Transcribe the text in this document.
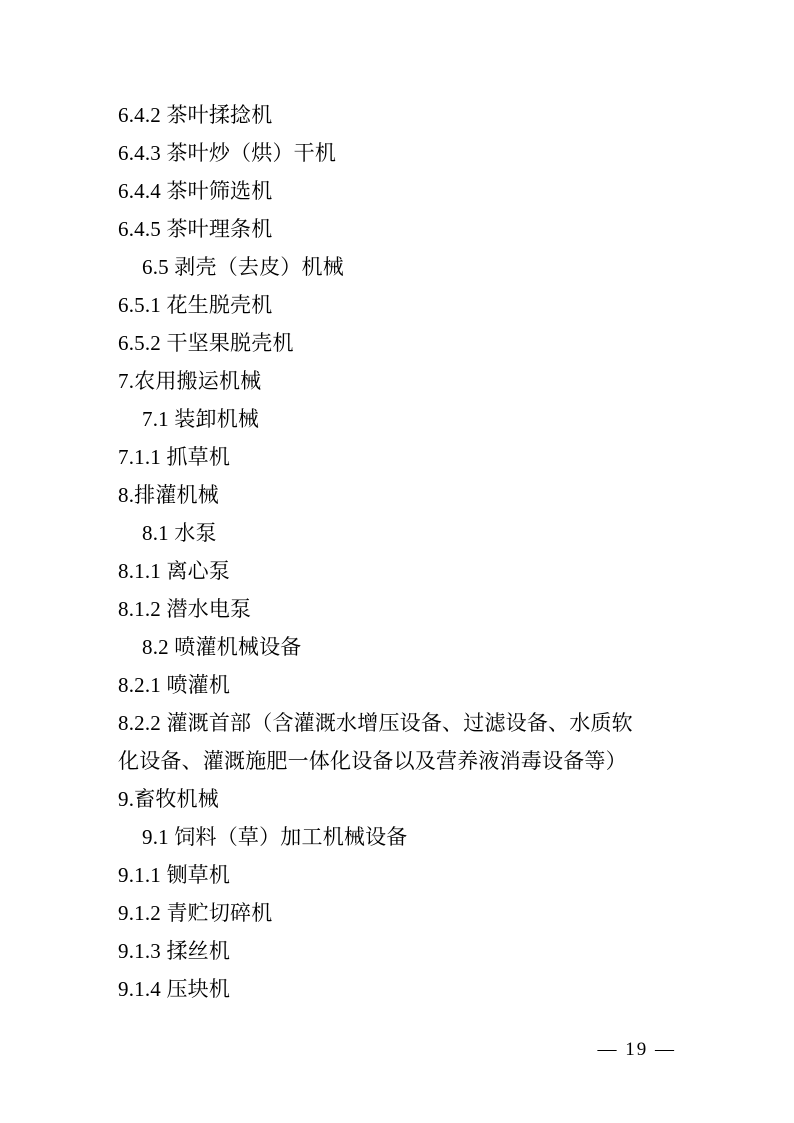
6.4.2 茶叶揉捻机
6.4.3 茶叶炒（烘）干机
6.4.4 茶叶筛选机
6.4.5 茶叶理条机
6.5 剥壳（去皮）机械
6.5.1 花生脱壳机
6.5.2 干坚果脱壳机
7.农用搬运机械
7.1 装卸机械
7.1.1 抓草机
8.排灌机械
8.1 水泵
8.1.1 离心泵
8.1.2 潜水电泵
8.2 喷灌机械设备
8.2.1 喷灌机
8.2.2 灌溉首部（含灌溉水增压设备、过滤设备、水质软
化设备、灌溉施肥一体化设备以及营养液消毒设备等）
9.畜牧机械
9.1 饲料（草）加工机械设备
9.1.1 铡草机
9.1.2 青贮切碎机
9.1.3 揉丝机
9.1.4 压块机
— 19 —
